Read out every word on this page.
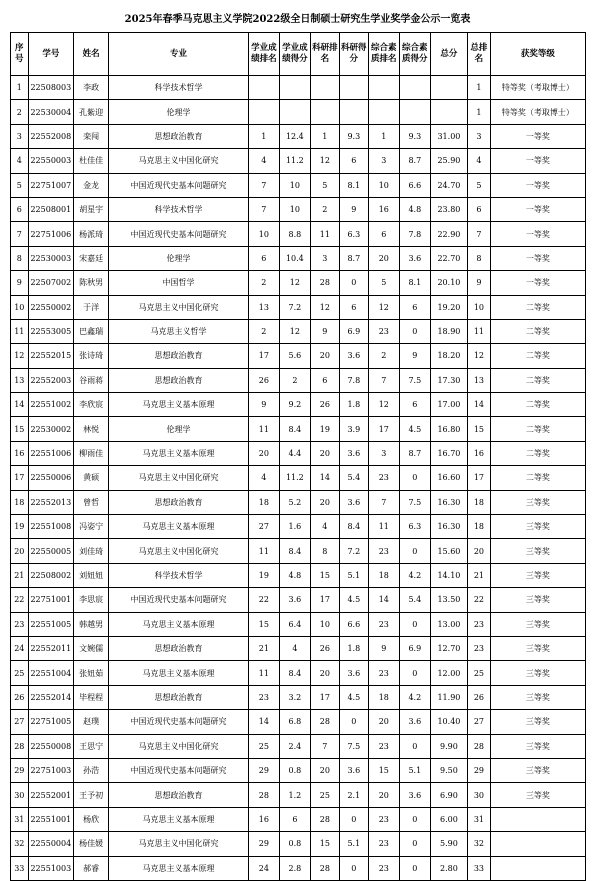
2025年春季马克思主义学院2022级全日制硕士研究生学业奖学金公示一览表
序号	学号	姓名	专业	学业成绩排名	学业成绩得分	科研排名	科研得分	综合素质排名	综合素质得分	总分	总排名	获奖等级
1	22508003	李政	科学技术哲学								1	特等奖（考取博士）
2	22530004	孔紫迎	伦理学								1	特等奖（考取博士）
3	22552008	栾闯	思想政治教育	1	12.4	1	9.3	1	9.3	31.00	3	一等奖
4	22550003	杜佳佳	马克思主义中国化研究	4	11.2	12	6	3	8.7	25.90	4	一等奖
5	22751007	金龙	中国近现代史基本问题研究	7	10	5	8.1	10	6.6	24.70	5	一等奖
6	22508001	胡星宇	科学技术哲学	7	10	2	9	16	4.8	23.80	6	一等奖
7	22751006	杨派琦	中国近现代史基本问题研究	10	8.8	11	6.3	6	7.8	22.90	7	一等奖
8	22530003	宋嘉廷	伦理学	6	10.4	3	8.7	20	3.6	22.70	8	一等奖
9	22507002	陈秋男	中国哲学	2	12	28	0	5	8.1	20.10	9	一等奖
10	22550002	于洋	马克思主义中国化研究	13	7.2	12	6	12	6	19.20	10	二等奖
11	22553005	巴鑫瑞	马克思主义哲学	2	12	9	6.9	23	0	18.90	11	二等奖
12	22552015	张诗琦	思想政治教育	17	5.6	20	3.6	2	9	18.20	12	二等奖
13	22552003	谷雨蒋	思想政治教育	26	2	6	7.8	7	7.5	17.30	13	二等奖
14	22551002	李欣宸	马克思主义基本原理	9	9.2	26	1.8	12	6	17.00	14	二等奖
15	22530002	林悦	伦理学	11	8.4	19	3.9	17	4.5	16.80	15	二等奖
16	22551006	柳雨佳	马克思主义基本原理	20	4.4	20	3.6	3	8.7	16.70	16	二等奖
17	22550006	黄硕	马克思主义中国化研究	4	11.2	14	5.4	23	0	16.60	17	二等奖
18	22552013	曾哲	思想政治教育	18	5.2	20	3.6	7	7.5	16.30	18	三等奖
19	22551008	冯姿宁	马克思主义基本原理	27	1.6	4	8.4	11	6.3	16.30	18	三等奖
20	22550005	刘佳琦	马克思主义中国化研究	11	8.4	8	7.2	23	0	15.60	20	三等奖
21	22508002	刘妞妞	科学技术哲学	19	4.8	15	5.1	18	4.2	14.10	21	三等奖
22	22751001	李思宸	中国近现代史基本问题研究	22	3.6	17	4.5	14	5.4	13.50	22	三等奖
23	22551005	韩越男	马克思主义基本原理	15	6.4	10	6.6	23	0	13.00	23	三等奖
24	22552011	文婉儒	思想政治教育	21	4	26	1.8	9	6.9	12.70	23	三等奖
25	22551004	张妞茹	马克思主义基本原理	11	8.4	20	3.6	23	0	12.00	25	三等奖
26	22552014	毕程程	思想政治教育	23	3.2	17	4.5	18	4.2	11.90	26	三等奖
27	22751005	赵璞	中国近现代史基本问题研究	14	6.8	28	0	20	3.6	10.40	27	三等奖
28	22550008	王思宁	马克思主义中国化研究	25	2.4	7	7.5	23	0	9.90	28	三等奖
29	22751003	孙浩	中国近现代史基本问题研究	29	0.8	20	3.6	15	5.1	9.50	29	三等奖
30	22552001	王予初	思想政治教育	28	1.2	25	2.1	20	3.6	6.90	30	三等奖
31	22551001	杨欣	马克思主义基本原理	16	6	28	0	23	0	6.00	31	
32	22550004	杨佳媛	马克思主义中国化研究	29	0.8	15	5.1	23	0	5.90	32	
33	22551003	郝睿	马克思主义基本原理	24	2.8	28	0	23	0	2.80	33	
